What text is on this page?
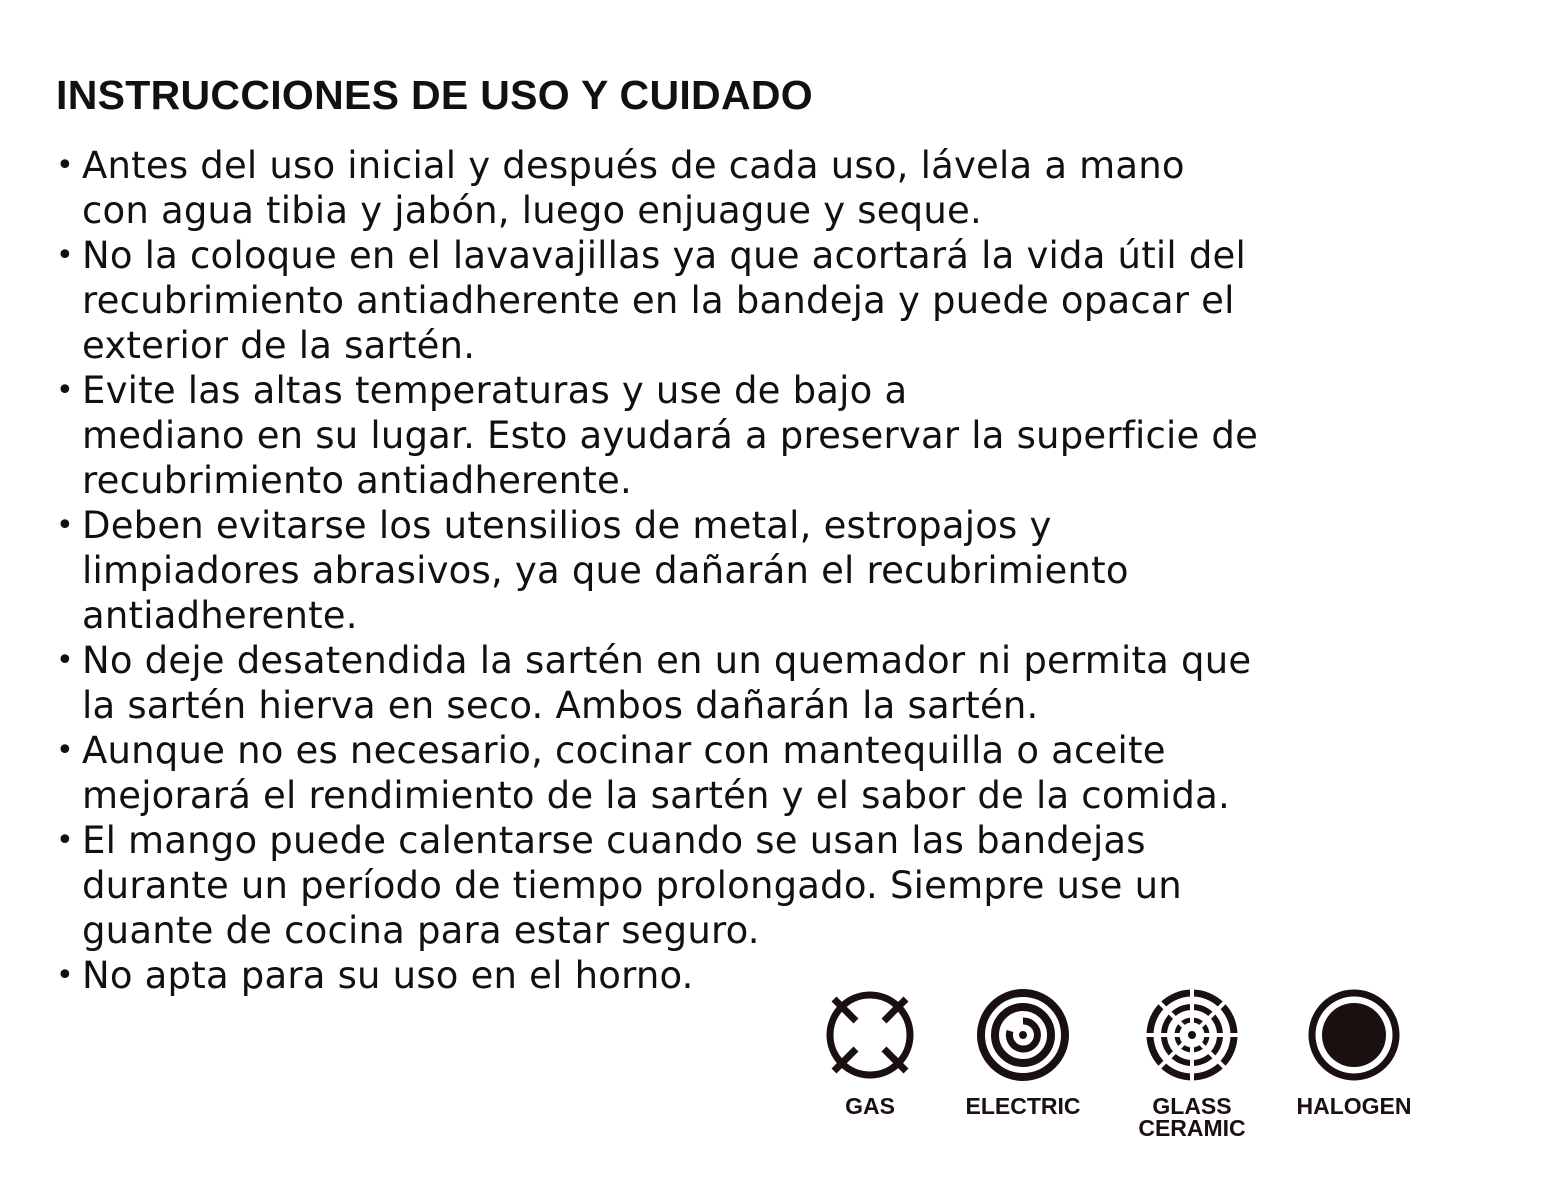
INSTRUCCIONES DE USO Y CUIDADO
• Antes del uso inicial y después de cada uso, lávela a mano
con agua tibia y jabón, luego enjuague y seque.
• No la coloque en el lavavajillas ya que acortará la vida útil del
recubrimiento antiadherente en la bandeja y puede opacar el
exterior de la sartén.
• Evite las altas temperaturas y use de bajo a
mediano en su lugar. Esto ayudará a preservar la superficie de
recubrimiento antiadherente.
• Deben evitarse los utensilios de metal, estropajos y
limpiadores abrasivos, ya que dañarán el recubrimiento
antiadherente.
• No deje desatendida la sartén en un quemador ni permita que
la sartén hierva en seco. Ambos dañarán la sartén.
• Aunque no es necesario, cocinar con mantequilla o aceite
mejorará el rendimiento de la sartén y el sabor de la comida.
• El mango puede calentarse cuando se usan las bandejas
durante un período de tiempo prolongado. Siempre use un
guante de cocina para estar seguro.
• No apta para su uso en el horno.
GAS	ELECTRIC	GLASS
CERAMIC
HALOGEN
